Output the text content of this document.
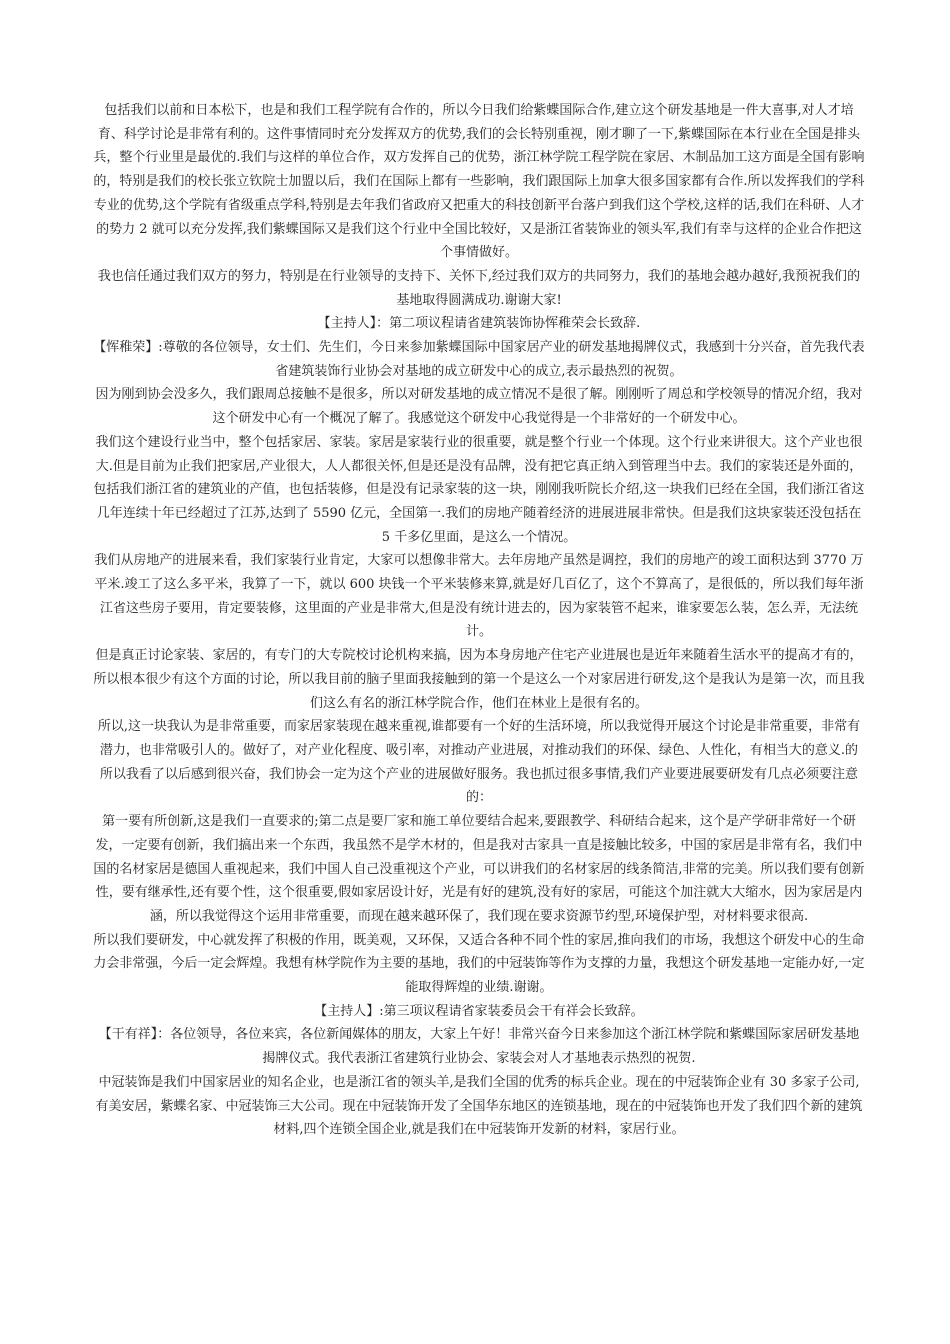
包括我们以前和日本松下，也是和我们工程学院有合作的，所以今日我们给紫蝶国际合作,建立这个研发基地是一件大喜事,对人才培育、科学讨论是非常有利的。这件事情同时充分发挥双方的优势,我们的会长特别重视，刚才聊了一下,紫蝶国际在本行业在全国是排头兵，整个行业里是最优的.我们与这样的单位合作，双方发挥自己的优势，浙江林学院工程学院在家居、木制品加工这方面是全国有影响的，特别是我们的校长张立钦院士加盟以后，我们在国际上都有一些影响，我们跟国际上加拿大很多国家都有合作.所以发挥我们的学科专业的优势,这个学院有省级重点学科,特别是去年我们省政府又把重大的科技创新平台落户到我们这个学校,这样的话,我们在科研、人才的势力 2 就可以充分发挥,我们紫蝶国际又是我们这个行业中全国比较好，又是浙江省装饰业的领头军,我们有幸与这样的企业合作把这个事情做好。

我也信任通过我们双方的努力，特别是在行业领导的支持下、关怀下,经过我们双方的共同努力，我们的基地会越办越好,我预祝我们的基地取得圆满成功.谢谢大家!

【主持人】：第二项议程请省建筑装饰协恽稚荣会长致辞.

【恽稚荣】:尊敬的各位领导，女士们、先生们，今日来参加紫蝶国际中国家居产业的研发基地揭牌仪式，我感到十分兴奋，首先我代表省建筑装饰行业协会对基地的成立研发中心的成立,表示最热烈的祝贺。

因为刚到协会没多久，我们跟周总接触不是很多，所以对研发基地的成立情况不是很了解。刚刚听了周总和学校领导的情况介绍，我对这个研发中心有一个概况了解了。我感觉这个研发中心我觉得是一个非常好的一个研发中心。

我们这个建设行业当中，整个包括家居、家装。家居是家装行业的很重要，就是整个行业一个体现。这个行业来讲很大。这个产业也很大.但是目前为止我们把家居,产业很大，人人都很关怀,但是还是没有品牌，没有把它真正纳入到管理当中去。我们的家装还是外面的，包括我们浙江省的建筑业的产值，也包括装修，但是没有记录家装的这一块，刚刚我听院长介绍,这一块我们已经在全国，我们浙江省这几年连续十年已经超过了江苏,达到了 5590 亿元，全国第一.我们的房地产随着经济的进展进展非常快。但是我们这块家装还没包括在 5 千多亿里面，是这么一个情况。

我们从房地产的进展来看，我们家装行业肯定，大家可以想像非常大。去年房地产虽然是调控，我们的房地产的竣工面积达到 3770 万平米.竣工了这么多平米，我算了一下，就以 600 块钱一个平米装修来算,就是好几百亿了，这个不算高了，是很低的，所以我们每年浙江省这些房子要用，肯定要装修，这里面的产业是非常大,但是没有统计进去的，因为家装管不起来，谁家要怎么装，怎么弄，无法统计。

但是真正讨论家装、家居的，有专门的大专院校讨论机构来搞，因为本身房地产住宅产业进展也是近年来随着生活水平的提高才有的，所以根本很少有这个方面的讨论，所以我目前的脑子里面我接触到的第一个是这么一个对家居进行研发,这个是我认为是第一次，而且我们这么有名的浙江林学院合作，他们在林业上是很有名的。

所以,这一块我认为是非常重要，而家居家装现在越来重视,谁都要有一个好的生活环境，所以我觉得开展这个讨论是非常重要，非常有潜力，也非常吸引人的。做好了，对产业化程度、吸引率，对推动产业进展，对推动我们的环保、绿色、人性化，有相当大的意义.的

所以我看了以后感到很兴奋，我们协会一定为这个产业的进展做好服务。我也抓过很多事情,我们产业要进展要研发有几点必须要注意的：

第一要有所创新,这是我们一直要求的;第二点是要厂家和施工单位要结合起来,要跟教学、科研结合起来，这个是产学研非常好一个研发，一定要有创新，我们搞出来一个东西，我虽然不是学木材的，但是我对古家具一直是接触比较多，中国的家居是非常有名，我们中国的名材家居是德国人重视起来，我们中国人自己没重视这个产业，可以讲我们的名材家居的线条简洁,非常的完美。所以我们要有创新性，要有继承性,还有要个性，这个很重要,假如家居设计好，光是有好的建筑,没有好的家居，可能这个加注就大大缩水，因为家居是内涵，所以我觉得这个运用非常重要，而现在越来越环保了，我们现在要求资源节约型,环境保护型，对材料要求很高.

所以我们要研发，中心就发挥了积极的作用，既美观，又环保，又适合各种不同个性的家居,推向我们的市场，我想这个研发中心的生命力会非常强，今后一定会辉煌。我想有林学院作为主要的基地，我们的中冠装饰等作为支撑的力量，我想这个研发基地一定能办好,一定能取得辉煌的业绩.谢谢。

【主持人】:第三项议程请省家装委员会干有祥会长致辞。

【干有祥】：各位领导，各位来宾，各位新闻媒体的朋友，大家上午好！非常兴奋今日来参加这个浙江林学院和紫蝶国际家居研发基地揭牌仪式。我代表浙江省建筑行业协会、家装会对人才基地表示热烈的祝贺.

中冠装饰是我们中国家居业的知名企业，也是浙江省的领头羊,是我们全国的优秀的标兵企业。现在的中冠装饰企业有 30 多家子公司,有美安居，紫蝶名家、中冠装饰三大公司。现在中冠装饰开发了全国华东地区的连锁基地，现在的中冠装饰也开发了我们四个新的建筑材料,四个连锁全国企业,就是我们在中冠装饰开发新的材料，家居行业。
